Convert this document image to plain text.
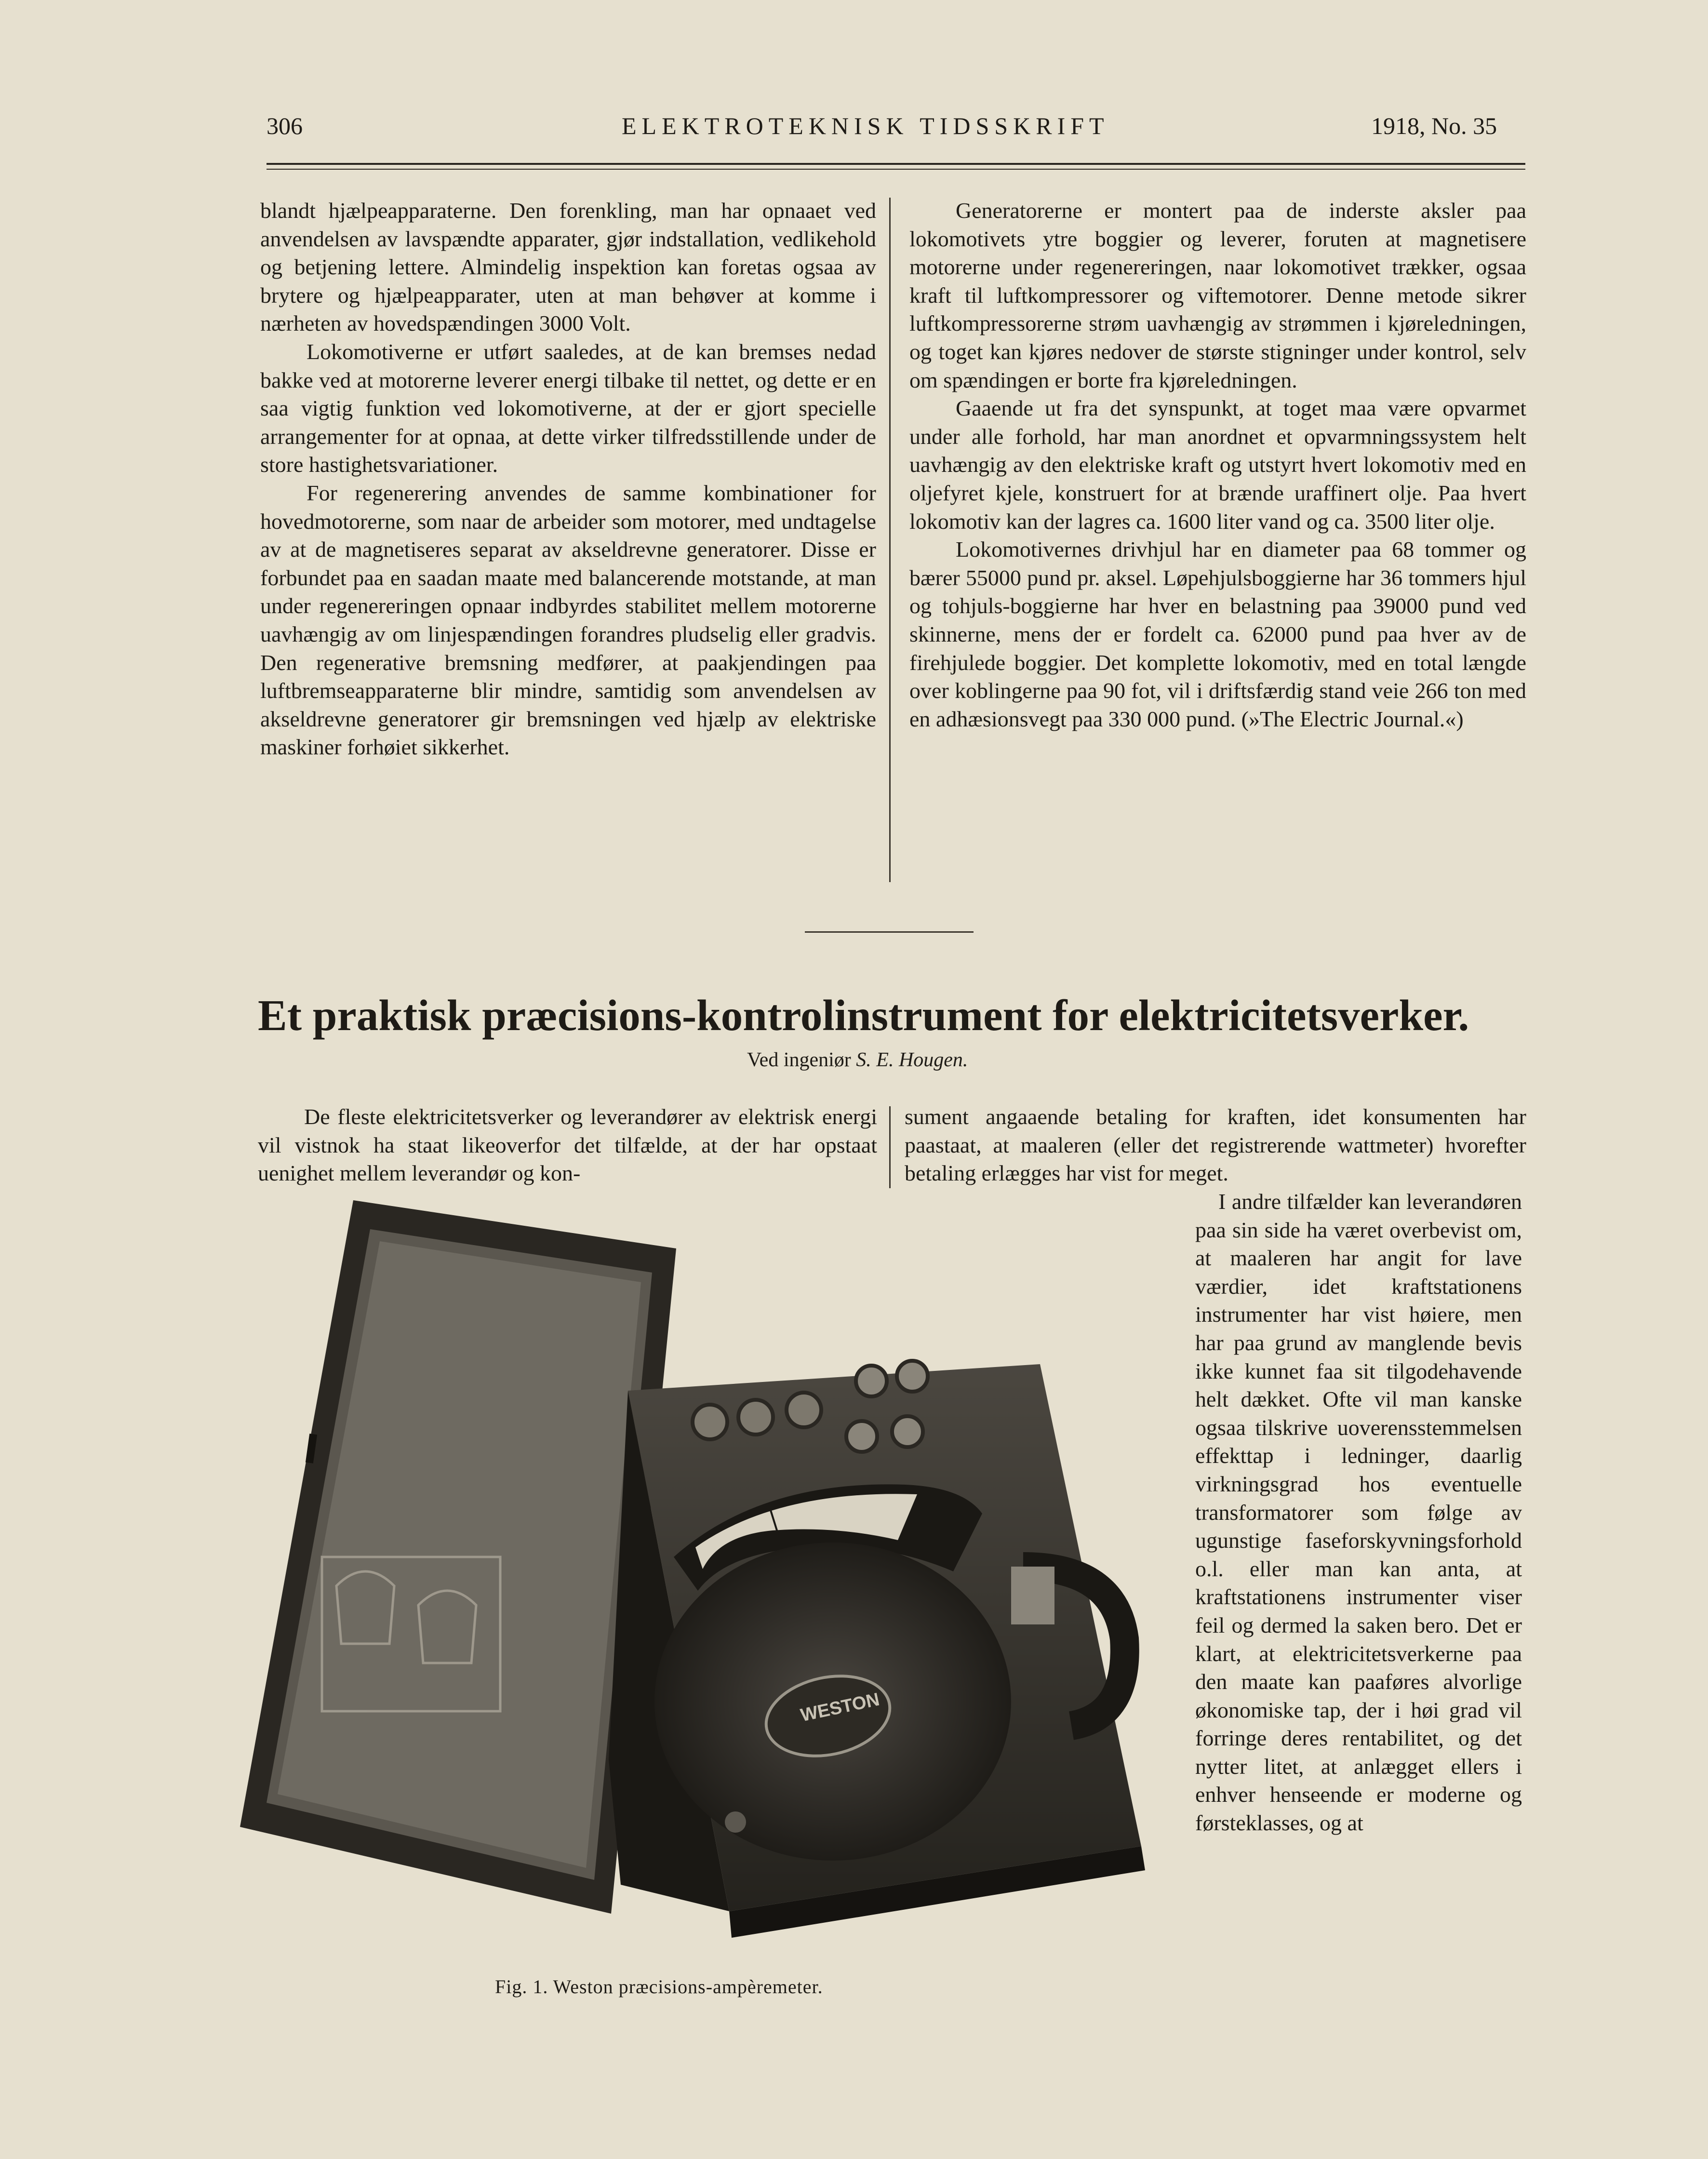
306	ELEKTROTEKNISK TIDSSKRIFT	1918, No. 35

blandt hjælpeapparaterne. Den forenkling, man har opnaaet ved anvendelsen av lavspændte apparater, gjør indstallation, vedlikehold og betjening lettere. Almindelig inspektion kan foretas ogsaa av brytere og hjælpeapparater, uten at man behøver at komme i nærheten av hovedspændingen 3000 Volt.

Lokomotiverne er utført saaledes, at de kan bremses nedad bakke ved at motorerne leverer energi tilbake til nettet, og dette er en saa vigtig funktion ved lokomotiverne, at der er gjort specielle arrangementer for at opnaa, at dette virker tilfredsstillende under de store hastighetsvariationer.

For regenerering anvendes de samme kombinationer for hovedmotorerne, som naar de arbeider som motorer, med undtagelse av at de magnetiseres separat av akseldrevne generatorer. Disse er forbundet paa en saadan maate med balancerende motstande, at man under regenereringen opnaar indbyrdes stabilitet mellem motorerne uavhængig av om linjespændingen forandres pludselig eller gradvis. Den regenerative bremsning medfører, at paakjendingen paa luftbremseapparaterne blir mindre, samtidig som anvendelsen av akseldrevne generatorer gir bremsningen ved hjælp av elektriske maskiner forhøiet sikkerhet.

Generatorerne er montert paa de inderste aksler paa lokomotivets ytre boggier og leverer, foruten at magnetisere motorerne under regenereringen, naar lokomotivet trækker, ogsaa kraft til luftkompressorer og viftemotorer. Denne metode sikrer luftkompressorerne strøm uavhængig av strømmen i kjøreledningen, og toget kan kjøres nedover de største stigninger under kontrol, selv om spændingen er borte fra kjøreledningen.

Gaaende ut fra det synspunkt, at toget maa være opvarmet under alle forhold, har man anordnet et opvarmningssystem helt uavhængig av den elektriske kraft og utstyrt hvert lokomotiv med en oljefyret kjele, konstruert for at brænde uraffinert olje. Paa hvert lokomotiv kan der lagres ca. 1600 liter vand og ca. 3500 liter olje.

Lokomotivernes drivhjul har en diameter paa 68 tommer og bærer 55000 pund pr. aksel. Løpehjulsboggierne har 36 tommers hjul og tohjuls-boggierne har hver en belastning paa 39000 pund ved skinnerne, mens der er fordelt ca. 62000 pund paa hver av de firehjulede boggier. Det komplette lokomotiv, med en total længde over koblingerne paa 90 fot, vil i driftsfærdig stand veie 266 ton med en adhæsionsvegt paa 330 000 pund. (»The Electric Journal.«)

Et praktisk præcisions-kontrolinstrument for elektricitetsverker.
Ved ingeniør S. E. Hougen.

De fleste elektricitetsverker og leverandører av elektrisk energi vil vistnok ha staat likeoverfor det tilfælde, at der har opstaat uenighet mellem leverandør og kon-

sument angaaende betaling for kraften, idet konsumenten har paastaat, at maaleren (eller det registrerende wattmeter) hvorefter betaling erlægges har vist for meget.

I andre tilfælder kan leverandøren paa sin side ha været overbevist om, at maaleren har angit for lave værdier, idet kraftstationens instrumenter har vist høiere, men har paa grund av manglende bevis ikke kunnet faa sit tilgodehavende helt dækket. Ofte vil man kanske ogsaa tilskrive uoverensstemmelsen effekttap i ledninger, daarlig virkningsgrad hos eventuelle transformatorer som følge av ugunstige faseforskyvningsforhold o.l. eller man kan anta, at kraftstationens instrumenter viser feil og dermed la saken bero. Det er klart, at elektricitetsverkerne paa den maate kan paaføres alvorlige økonomiske tap, der i høi grad vil forringe deres rentabilitet, og det nytter litet, at anlægget ellers i enhver henseende er moderne og førsteklasses, og at

WESTON
Fig. 1. Weston præcisions-ampèremeter.
